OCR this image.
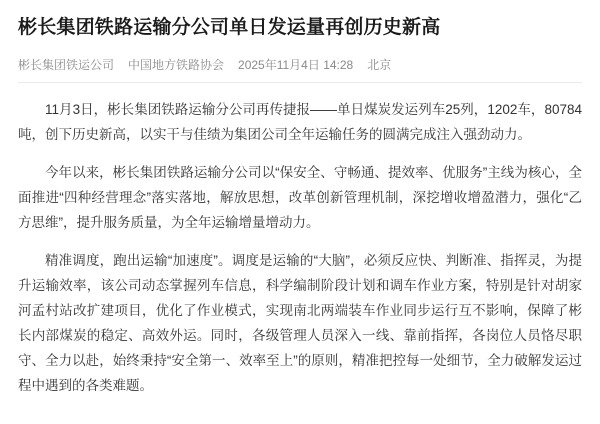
彬长集团铁路运输分公司单日发运量再创历史新高
彬长集团铁运公司 中国地方铁路协会 2025年11月4日 14:28 北京

11月3日，彬长集团铁路运输分公司再传捷报——单日煤炭发运列车25列，1202车，80784吨，创下历史新高，以实干与佳绩为集团公司全年运输任务的圆满完成注入强劲动力。

今年以来，彬长集团铁路运输分公司以“保安全、守畅通、提效率、优服务”主线为核心，全面推进“四种经营理念”落实落地，解放思想，改革创新管理机制，深挖增收增盈潜力，强化“乙方思维”，提升服务质量，为全年运输增量增动力。

精准调度，跑出运输“加速度”。调度是运输的“大脑”，必须反应快、判断准、指挥灵，为提升运输效率，该公司动态掌握列车信息，科学编制阶段计划和调车作业方案，特别是针对胡家河孟村站改扩建项目，优化了作业模式，实现南北两端装车作业同步运行互不影响，保障了彬长内部煤炭的稳定、高效外运。同时，各级管理人员深入一线、靠前指挥，各岗位人员恪尽职守、全力以赴，始终秉持“安全第一、效率至上”的原则，精准把控每一处细节，全力破解发运过程中遇到的各类难题。
